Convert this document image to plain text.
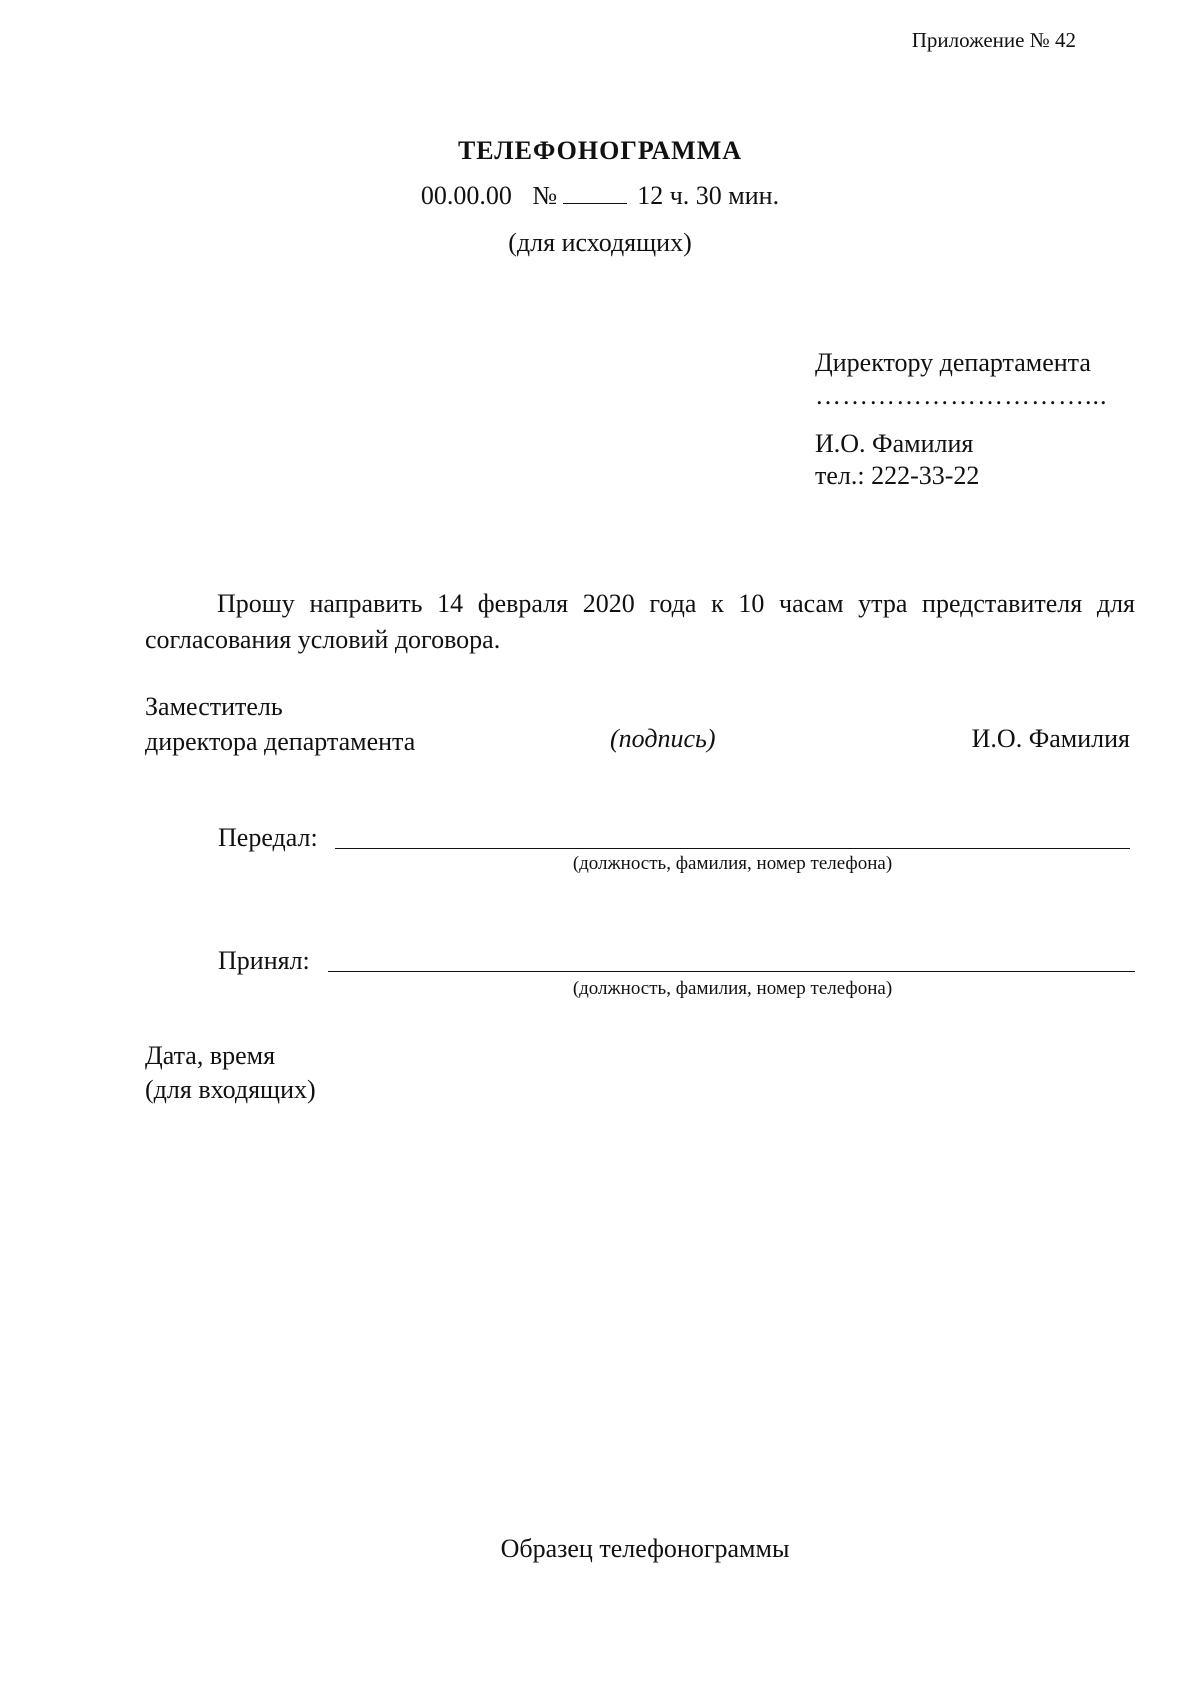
Приложение № 42
ТЕЛЕФОНОГРАММА
00.00.00 №	12 ч. 30 мин.
(для исходящих)
Директору департамента
…………………………...
И.О. Фамилия
тел.: 222-33-22
Прошу направить 14 февраля 2020 года к 10 часам утра представителя для согласования условий договора.
Заместитель
директора департамента	(подпись)	И.О. Фамилия
Передал:
(должность, фамилия, номер телефона)
Принял:
(должность, фамилия, номер телефона)
Дата, время
(для входящих)
Образец телефонограммы
